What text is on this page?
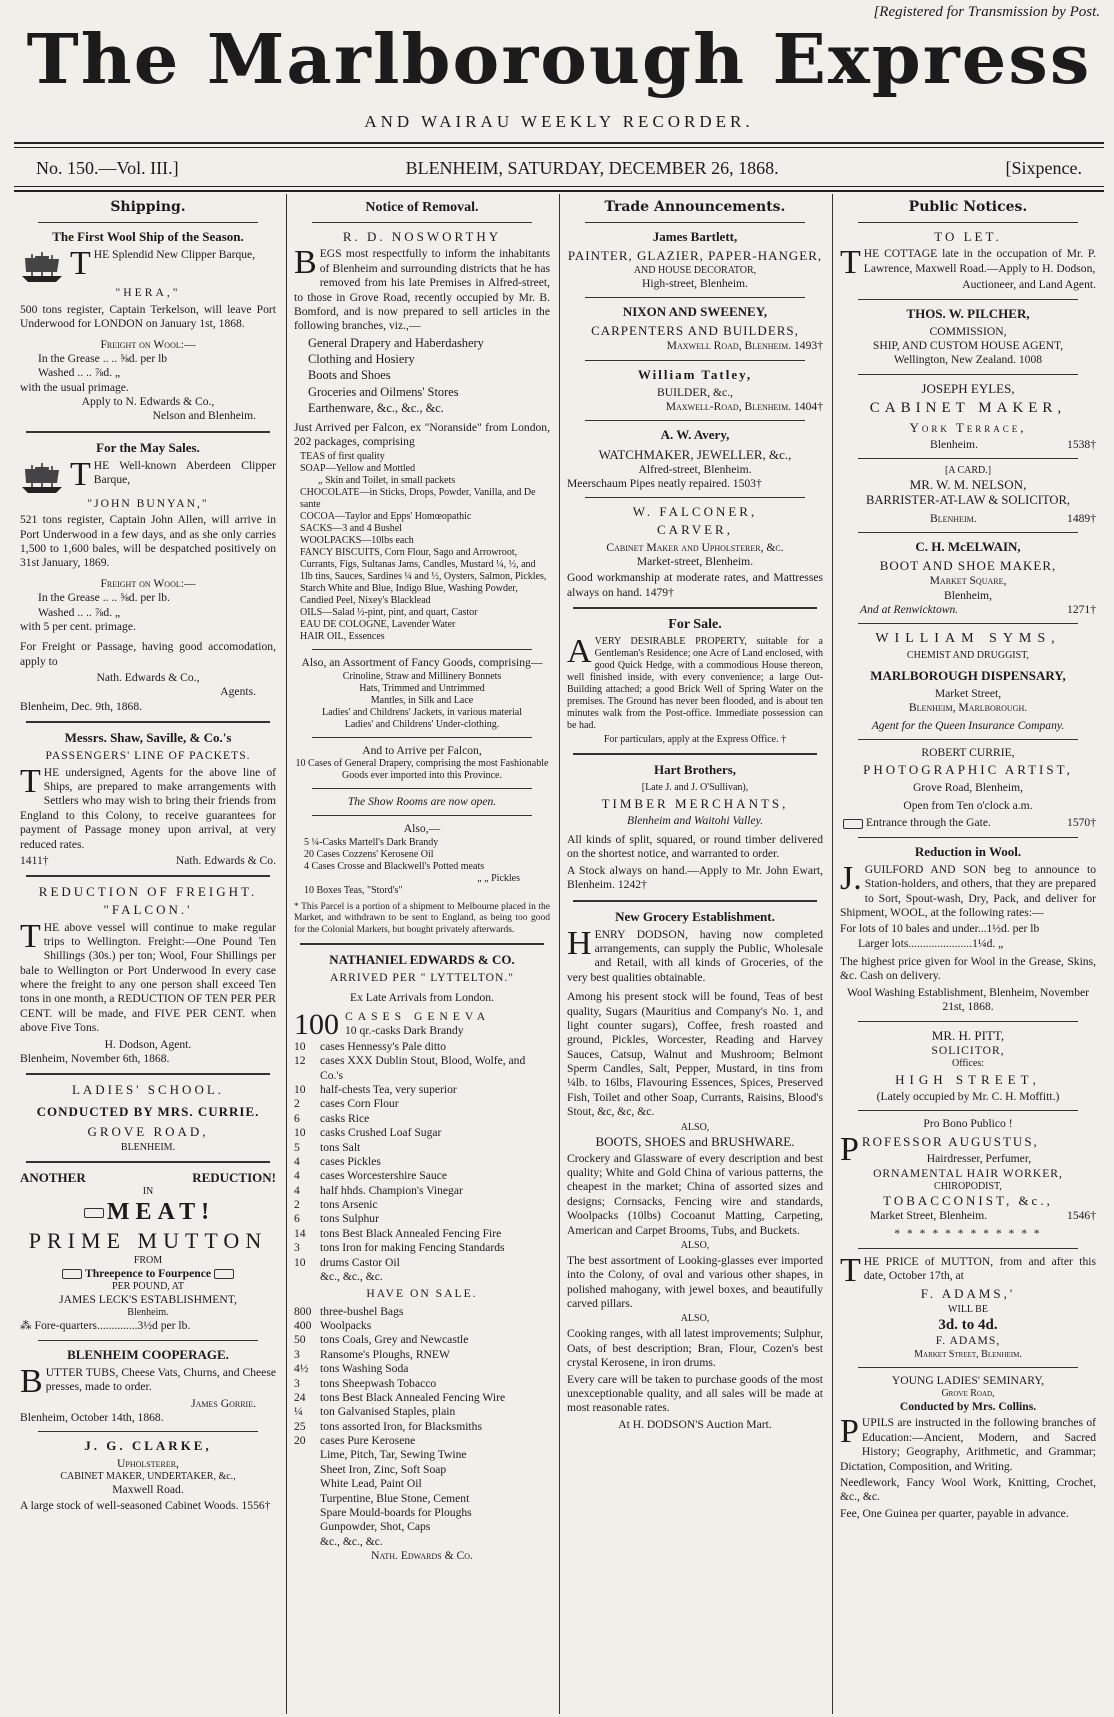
[Registered for Transmission by Post.
The Marlborough Express
AND WAIRAU WEEKLY RECORDER.
No. 150.—Vol. III.]	BLENHEIM, SATURDAY, DECEMBER 26, 1868.	[Sixpence.
Shipping.
The First Wool Ship of the Season.
THE Splendid New Clipper Barque,
"HERA,"
500 tons register, Captain Terkelson, will leave Port Underwood for LONDON on January 1st, 1868.
Freight on Wool:—
In the Grease .. .. ⅝d. per lb
Washed .. .. ⅞d. „
with the usual primage.
Apply to N. Edwards & Co.,
Nelson and Blenheim.
For the May Sales.
THE Well-known Aberdeen Clipper Barque,
"JOHN BUNYAN,"
521 tons register, Captain John Allen, will arrive in Port Underwood in a few days, and as she only carries 1,500 to 1,600 bales, will be despatched positively on 31st January, 1869.
Freight on Wool:—
In the Grease .. .. ⅝d. per lb.
Washed .. .. ⅞d. „
with 5 per cent. primage.
For Freight or Passage, having good accomodation, apply to
Nath. Edwards & Co.,
Agents.
Blenheim, Dec. 9th, 1868.
Messrs. Shaw, Saville, & Co.'s
PASSENGERS' LINE OF PACKETS.
THE undersigned, Agents for the above line of Ships, are prepared to make arrangements with Settlers who may wish to bring their friends from England to this Colony, to receive guarantees for payment of Passage money upon arrival, at very reduced rates.
1411†	Nath. Edwards & Co.
REDUCTION OF FREIGHT.
"FALCON.'
THE above vessel will continue to make regular trips to Wellington. Freight:—One Pound Ten Shillings (30s.) per ton; Wool, Four Shillings per bale to Wellington or Port Underwood In every case where the freight to any one person shall exceed Ten tons in one month, a REDUCTION OF TEN PER PER CENT. will be made, and FIVE PER CENT. when above Five Tons.
H. Dodson, Agent.
Blenheim, November 6th, 1868.
LADIES' SCHOOL.
CONDUCTED BY MRS. CURRIE.
GROVE ROAD,
BLENHEIM.
ANOTHER	REDUCTION!
IN
MEAT!
PRIME MUTTON
FROM
Threepence to Fourpence
PER POUND, AT
JAMES LECK'S ESTABLISHMENT,
Blenheim.
⁂ Fore-quarters..............3½d per lb.
BLENHEIM COOPERAGE.
BUTTER TUBS, Cheese Vats, Churns, and Cheese presses, made to order.
James Gorrie.
Blenheim, October 14th, 1868.
J. G. CLARKE,
Upholsterer,
CABINET MAKER, UNDERTAKER, &c.,
Maxwell Road.
A large stock of well-seasoned Cabinet Woods. 1556†
Notice of Removal.
R. D. NOSWORTHY
BEGS most respectfully to inform the inhabitants of Blenheim and surrounding districts that he has removed from his late Premises in Alfred-street, to those in Grove Road, recently occupied by Mr. B. Bomford, and is now prepared to sell articles in the following branches, viz.,—
General Drapery and Haberdashery
Clothing and Hosiery
Boots and Shoes
Groceries and Oilmens' Stores
Earthenware, &c., &c., &c.
Just Arrived per Falcon, ex "Noranside" from London, 202 packages, comprising
TEAS of first quality
SOAP—Yellow and Mottled
„ Skin and Toilet, in small packets
CHOCOLATE—in Sticks, Drops, Powder, Vanilla, and De sante
COCOA—Taylor and Epps' Homœopathic
SACKS—3 and 4 Bushel
WOOLPACKS—10lbs each
FANCY BISCUITS, Corn Flour, Sago and Arrowroot, Currants, Figs, Sultanas Jams, Candles, Mustard ¼, ½, and 1lb tins, Sauces, Sardines ¼ and ½, Oysters, Salmon, Pickles, Starch White and Blue, Indigo Blue, Washing Powder, Candied Peel, Nixey's Blacklead
OILS—Salad ½-pint, pint, and quart, Castor
EAU DE COLOGNE, Lavender Water
HAIR OIL, Essences
Also, an Assortment of Fancy Goods, comprising—
Crinoline, Straw and Millinery Bonnets
Hats, Trimmed and Untrimmed
Mantles, in Silk and Lace
Ladies' and Childrens' Jackets, in various material
Ladies' and Childrens' Under-clothing.
And to Arrive per Falcon,
10 Cases of General Drapery, comprising the most Fashionable Goods ever imported into this Province.
The Show Rooms are now open.
Also,—
5 ¼-Casks Martell's Dark Brandy
20 Cases Cozzens' Kerosene Oil
4 Cases Crosse and Blackwell's Potted meats
„ „ Pickles
10 Boxes Teas, "Stord's"
* This Parcel is a portion of a shipment to Melbourne placed in the Market, and withdrawn to be sent to England, as being too good for the Colonial Markets, but bought privately afterwards.
NATHANIEL EDWARDS & CO.
ARRIVED PER " LYTTELTON."
Ex Late Arrivals from London.
100 CASES GENEVA
10 qr.-casks Dark Brandy
10	cases Hennessy's Pale ditto
12	cases XXX Dublin Stout, Blood, Wolfe, and Co.'s
10	half-chests Tea, very superior
2	cases Corn Flour
6	casks Rice
10	casks Crushed Loaf Sugar
5	tons Salt
4	cases Pickles
4	cases Worcestershire Sauce
4	half hhds. Champion's Vinegar
2	tons Arsenic
6	tons Sulphur
14	tons Best Black Annealed Fencing Fire
3	tons Iron for making Fencing Standards
10	drums Castor Oil
&c., &c., &c.
HAVE ON SALE.
800 three-bushel Bags
400 Woolpacks
50	tons Coals, Grey and Newcastle
3	Ransome's Ploughs, RNEW
4½ tons Washing Soda
3	tons Sheepwash Tobacco
24	tons Best Black Annealed Fencing Wire
¼	ton Galvanised Staples, plain
25	tons assorted Iron, for Blacksmiths
20	cases Pure Kerosene
Lime, Pitch, Tar, Sewing Twine
Sheet Iron, Zinc, Soft Soap
White Lead, Paint Oil
Turpentine, Blue Stone, Cement
Spare Mould-boards for Ploughs
Gunpowder, Shot, Caps
&c., &c., &c.
Nath. Edwards & Co.
Trade Announcements.
James Bartlett,
PAINTER, GLAZIER, PAPER-HANGER,
AND HOUSE DECORATOR,
High-street, Blenheim.
NIXON AND SWEENEY,
CARPENTERS AND BUILDERS,
Maxwell Road, Blenheim. 1493†
William Tatley,
BUILDER, &c.,
Maxwell-Road, Blenheim. 1404†
A. W. Avery,
WATCHMAKER, JEWELLER, &c.,
Alfred-street, Blenheim.
Meerschaum Pipes neatly repaired. 1503†
W. FALCONER,
CARVER,
Cabinet Maker and Upholsterer, &c.
Market-street, Blenheim.
Good workmanship at moderate rates, and Mattresses always on hand. 1479†
For Sale.
AVERY DESIRABLE PROPERTY, suitable for a Gentleman's Residence; one Acre of Land enclosed, with good Quick Hedge, with a commodious House thereon, well finished inside, with every convenience; a large Out-Building attached; a good Brick Well of Spring Water on the premises. The Ground has never been flooded, and is about ten minutes walk from the Post-office. Immediate possession can be had.
For particulars, apply at the Express Office. †
Hart Brothers,
[Late J. and J. O'Sullivan),
TIMBER MERCHANTS,
Blenheim and Waitohi Valley.
All kinds of split, squared, or round timber delivered on the shortest notice, and warranted to order.
A Stock always on hand.—Apply to Mr. John Ewart, Blenheim. 1242†
New Grocery Establishment.
HENRY DODSON, having now completed arrangements, can supply the Public, Wholesale and Retail, with all kinds of Groceries, of the very best qualities obtainable.
Among his present stock will be found, Teas of best quality, Sugars (Mauritius and Company's No. 1, and light counter sugars), Coffee, fresh roasted and ground, Pickles, Worcester, Reading and Harvey Sauces, Catsup, Walnut and Mushroom; Belmont Sperm Candles, Salt, Pepper, Mustard, in tins from ¼lb. to 16lbs, Flavouring Essences, Spices, Preserved Fish, Toilet and other Soap, Currants, Raisins, Blood's Stout, &c, &c, &c.
ALSO,
BOOTS, SHOES and BRUSHWARE.
Crockery and Glassware of every description and best quality; White and Gold China of various patterns, the cheapest in the market; China of assorted sizes and designs; Cornsacks, Fencing wire and standards, Woolpacks (10lbs) Cocoanut Matting, Carpeting, American and Carpet Brooms, Tubs, and Buckets.
ALSO,
The best assortment of Looking-glasses ever imported into the Colony, of oval and various other shapes, in polished mahogany, with jewel boxes, and beautifully carved pillars.
ALSO,
Cooking ranges, with all latest improvements; Sulphur, Oats, of best description; Bran, Flour, Cozen's best crystal Kerosene, in iron drums.
Every care will be taken to purchase goods of the most unexceptionable quality, and all sales will be made at most reasonable rates.
At H. DODSON'S Auction Mart.
Public Notices.
TO LET.
THE COTTAGE late in the occupation of Mr. P. Lawrence, Maxwell Road.—Apply to H. Dodson,
Auctioneer, and Land Agent.
THOS. W. PILCHER,
COMMISSION,
SHIP, AND CUSTOM HOUSE AGENT,
Wellington, New Zealand. 1008
JOSEPH EYLES,
CABINET MAKER,
York Terrace,
Blenheim.	1538†
[A CARD.]
MR. W. M. NELSON,
BARRISTER-AT-LAW & SOLICITOR,
Blenheim.	1489†
C. H. McELWAIN,
BOOT AND SHOE MAKER,
Market Square,
Blenheim,
And at Renwicktown.	1271†
WILLIAM SYMS,
CHEMIST AND DRUGGIST,
MARLBOROUGH DISPENSARY,
Market Street,
Blenheim, Marlborough.
Agent for the Queen Insurance Company.
ROBERT CURRIE,
PHOTOGRAPHIC ARTIST,
Grove Road, Blenheim,
Open from Ten o'clock a.m.
Entrance through the Gate.	1570†
Reduction in Wool.
J. GUILFORD AND SON beg to announce to Station-holders, and others, that they are prepared to Sort, Spout-wash, Dry, Pack, and deliver for Shipment, WOOL, at the following rates:—
For lots of 10 bales and under...1½d. per lb
Larger lots......................1¼d. „
The highest price given for Wool in the Grease, Skins, &c. Cash on delivery.
Wool Washing Establishment, Blenheim, November 21st, 1868.
MR. H. PITT,
SOLICITOR,
Offices:
HIGH STREET,
(Lately occupied by Mr. C. H. Moffitt.)
Pro Bono Publico !
PROFESSOR AUGUSTUS,
Hairdresser, Perfumer,
ORNAMENTAL HAIR WORKER,
CHIROPODIST,
TOBACCONIST, &c.,
Market Street, Blenheim.	1546†
* * * * * * * * * * * *
THE PRICE of MUTTON, from and after this date, October 17th, at
F. ADAMS,'
WILL BE
3d. to 4d.
F. ADAMS,
Market Street, Blenheim.
YOUNG LADIES' SEMINARY,
Grove Road,
Conducted by Mrs. Collins.
PUPILS are instructed in the following branches of Education:—Ancient, Modern, and Sacred History; Geography, Arithmetic, and Grammar; Dictation, Composition, and Writing.
Needlework, Fancy Wool Work, Knitting, Crochet, &c., &c.
Fee, One Guinea per quarter, payable in advance.
